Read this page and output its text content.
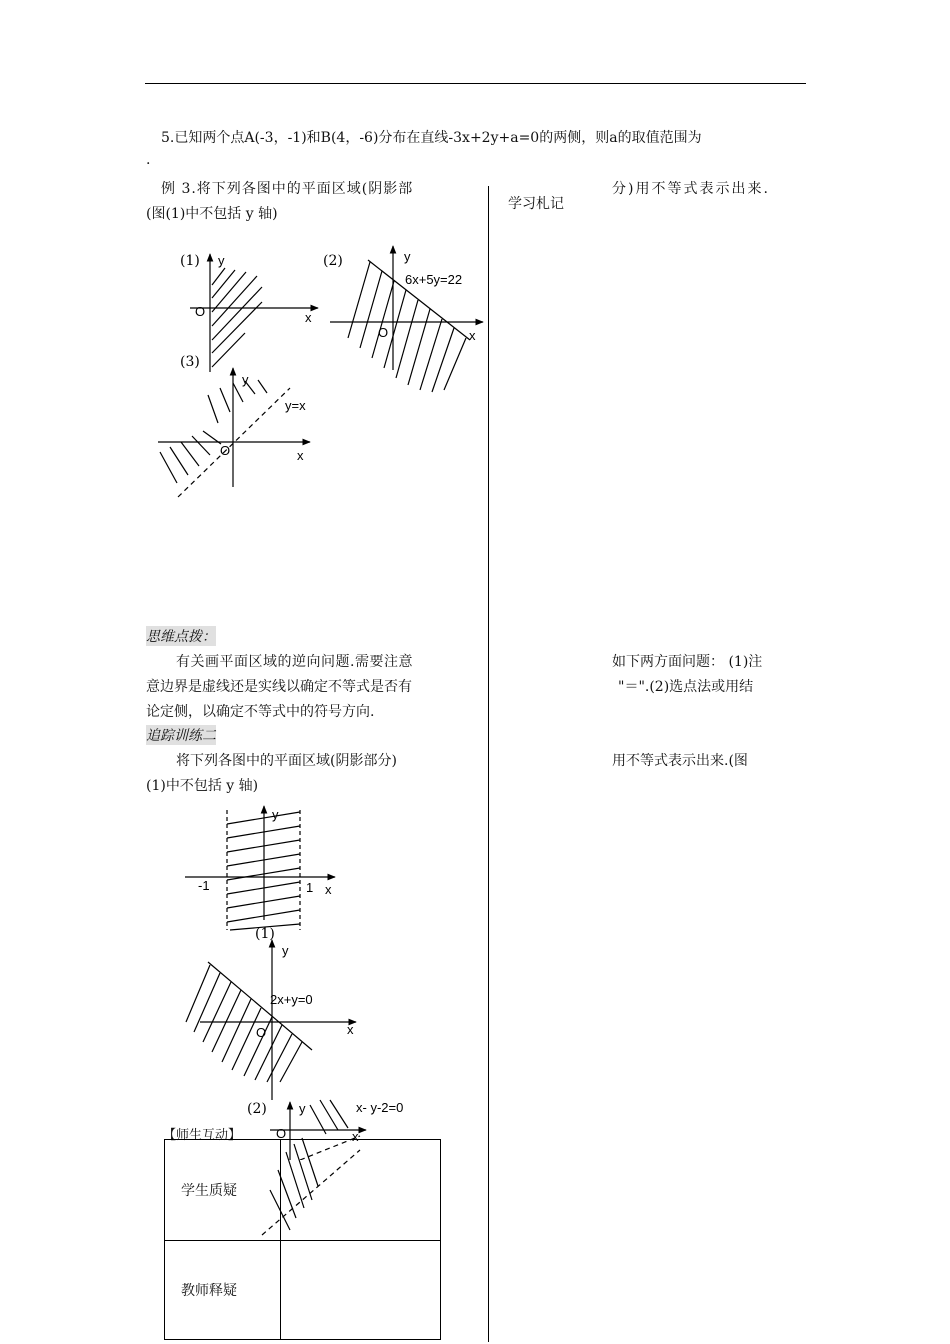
5.已知两个点A(-3，-1)和B(4，-6)分布在直线-3x+2y+a=0的两侧，则a的取值范围为
.
例 3.将下列各图中的平面区域(阴影部	分)用不等式表示出来.
(图(1)中不包括 y 轴)
学习札记
(1) y
x
O
(2)	y
6x+5y=22
x
O
(3)
y
y=x
x
O
思维点拨：
有关画平面区域的逆向问题.需要注意	如下两方面问题： (1)注
意边界是虚线还是实线以确定不等式是否有	"＝".(2)选点法或用结
论定侧，以确定不等式中的符号方向.
追踪训练二
将下列各图中的平面区域(阴影部分)	用不等式表示出来.(图
(1)中不包括 y 轴)
y
-1	1 x
(1)
y
2x+y=0
x
O
(2) y	x- y-2=0
x
O
【师生互动】
学生质疑	
教师释疑	
